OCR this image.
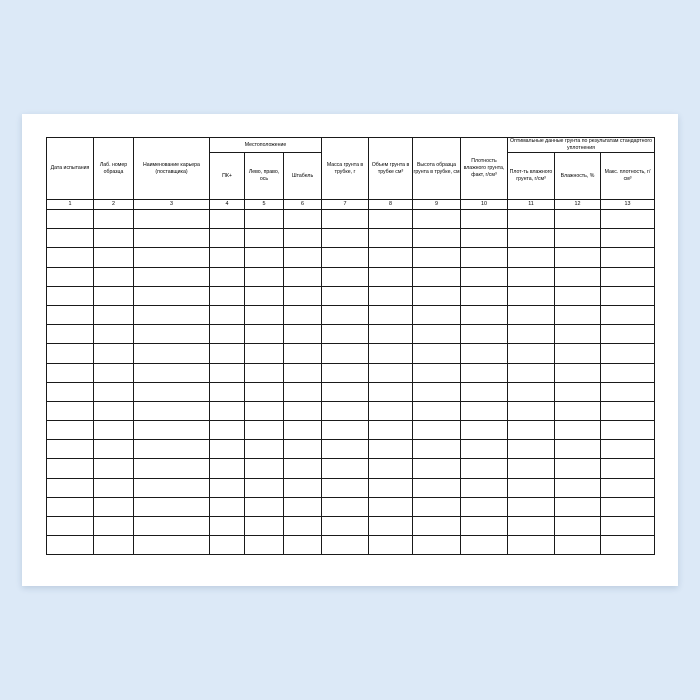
Дата испытания	Лаб. номер образца	Наименование карьера (поставщика)	Местоположение			Масса грунта в трубке, г	Объем грунта в трубке см³	Высота образца грунта в трубке, см	Плотность влажного грунта, факт, г/см³	Оптимальные данные грунта по результатам стандартного уплотнения		
			ПК+	Лево, право, ось	Штабель					Плот-ть влажного грунта, г/см³	Влажность, %	Макс. плотность, г/см³
1	2	3	4	5	6	7	8	9	10	11	12	13
